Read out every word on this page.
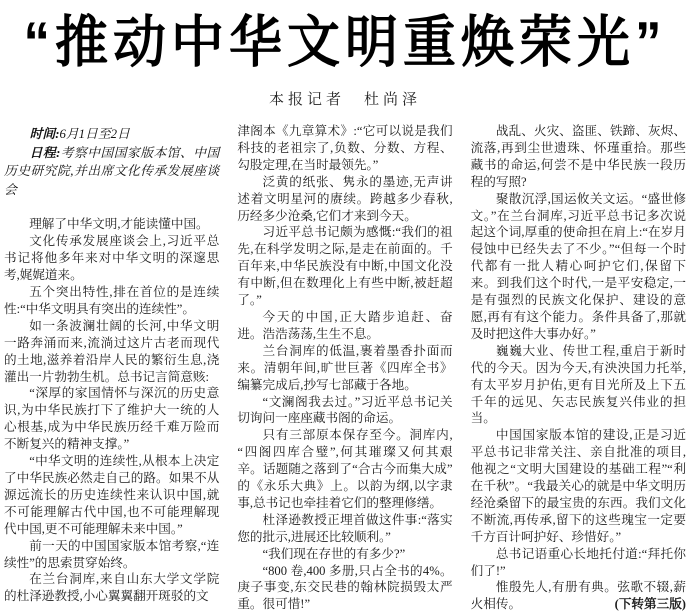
“推动中华文明重焕荣光”
本报记者　杜尚泽

时间:6月1日至2日

日程:考察中国国家版本馆、中国历史研究院,并出席文化传承发展座谈会

理解了中华文明,才能读懂中国。

文化传承发展座谈会上,习近平总书记将他多年来对中华文明的深邃思考,娓娓道来。

五个突出特性,排在首位的是连续性:“中华文明具有突出的连续性”。

如一条波澜壮阔的长河,中华文明一路奔涌而来,流淌过这片古老而现代的土地,滋养着沿岸人民的繁衍生息,浇灌出一片勃勃生机。总书记言简意赅:

“深厚的家国情怀与深沉的历史意识,为中华民族打下了维护大一统的人心根基,成为中华民族历经千难万险而不断复兴的精神支撑。”

“中华文明的连续性,从根本上决定了中华民族必然走自己的路。如果不从源远流长的历史连续性来认识中国,就不可能理解古代中国,也不可能理解现代中国,更不可能理解未来中国。”

前一天的中国国家版本馆考察,“连续性”的思索贯穿始终。

在兰台洞库,来自山东大学文学院的杜泽逊教授,小心翼翼翻开斑驳的文

津阁本《九章算术》:“它可以说是我们科技的老祖宗了,负数、分数、方程、勾股定理,在当时最领先。”

泛黄的纸张、隽永的墨迹,无声讲述着文明星河的赓续。跨越多少春秋,历经多少沧桑,它们才来到今天。

习近平总书记颇为感慨:“我们的祖先,在科学发明之际,是走在前面的。千百年来,中华民族没有中断,中国文化没有中断,但在数理化上有些中断,被赶超了。”

今天的中国,正大踏步追赶、奋进。浩浩荡荡,生生不息。

兰台洞库的低温,裹着墨香扑面而来。清朝年间,旷世巨著《四库全书》编纂完成后,抄写七部藏于各地。

“文澜阁我去过。”习近平总书记关切询问一座座藏书阁的命运。

只有三部原本保存至今。洞库内,“四阁四库合璧”,何其璀璨又何其艰辛。话题随之落到了“合古今而集大成”的《永乐大典》上。以韵为纲,以字隶事,总书记也牵挂着它们的整理修缮。

杜泽逊教授正埋首做这件事:“落实您的批示,进展还比较顺利。”

“我们现在存世的有多少?”

“800 卷,400 多册,只占全书的4%。庚子事变,东交民巷的翰林院损毁太严重。很可惜!”

战乱、火灾、盗匪、铁蹄、灰烬、流落,再到尘世遗珠、怀瑾重拾。那些藏书的命运,何尝不是中华民族一段历程的写照?

聚散沉浮,国运攸关文运。“盛世修文。”在兰台洞库,习近平总书记多次说起这个词,厚重的使命担在肩上:“在岁月侵蚀中已经失去了不少。”“但每一个时代都有一批人精心呵护它们,保留下来。到我们这个时代,一是平安稳定,一是有强烈的民族文化保护、建设的意愿,再有有这个能力。条件具备了,那就及时把这件大事办好。”

巍巍大业、传世工程,重启于新时代的今天。因为今天,有泱泱国力托举,有太平岁月护佑,更有目光所及上下五千年的远见、矢志民族复兴伟业的担当。

中国国家版本馆的建设,正是习近平总书记非常关注、亲自批准的项目,他视之“文明大国建设的基础工程”“利在千秋”。“我最关心的就是中华文明历经沧桑留下的最宝贵的东西。我们文化不断流,再传承,留下的这些瑰宝一定要千方百计呵护好、珍惜好。”

总书记语重心长地托付道:“拜托你们了!”

惟殷先人,有册有典。弦歌不辍,薪火相传。	(下转第三版)
